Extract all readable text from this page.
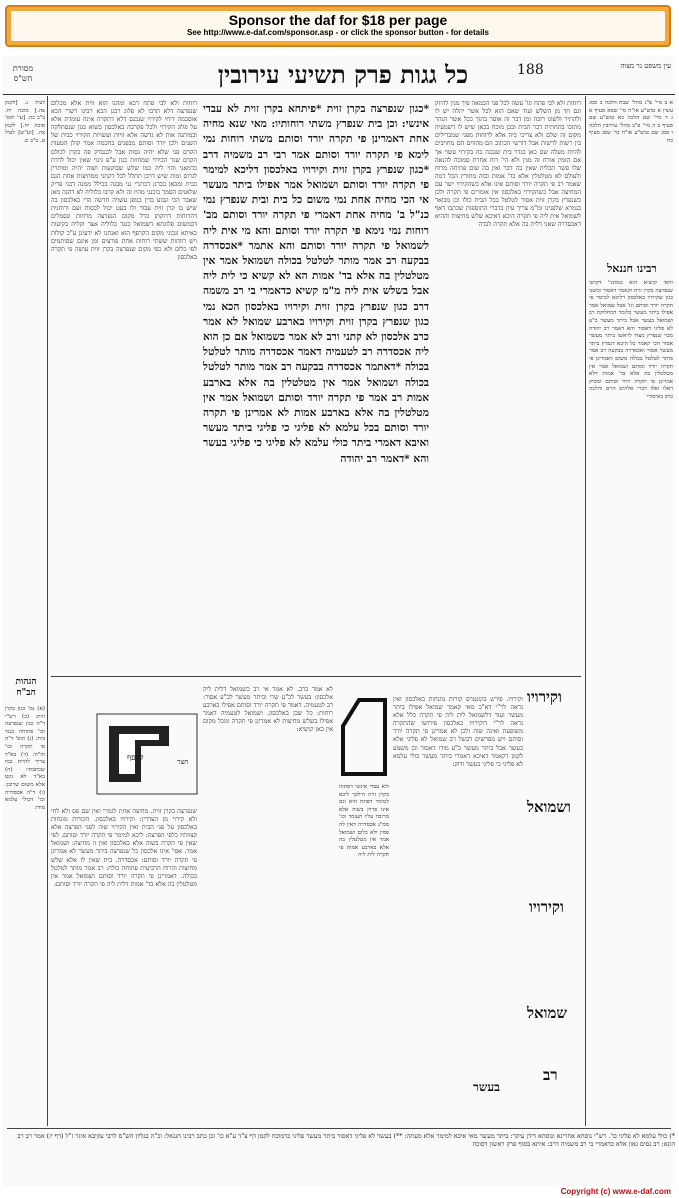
Sponsor the daf for $18 per page
See http://www.e-daf.com/sponsor.asp - or click the sponsor button - for details
מסורת הש"ס	כל גגות פרק תשיעי עירובין	188	עין משפט נר מצוה
לעיל ג. [לקמן צה.] סוכה יח. ב"ב כה. [עי' תוס' סוכה יח.] לקמן צה. [וע"ש] לעיל ט. ב"ב ס.
הגהות הב"ח
(א) גמ' כגון בקרן זוית: (ב) רש"י ד"ה כגון שנפרצה וכו' פתוחה כנגד בית: (ג) תוס' ד"ה פי תקרה וכו' וה"ה: (ד) בא"ד צריך להיות כמו שכתבתי: (ה) בא"ד לא נקט אלא משום שרובן: (ו) ד"ה אכסדרה וכו' דכולי עלמא מודו:
רוחות ולא לבי פתח רבא ומהנו הוא זוית אלא מכלום שנפרצה דלא תרבו לא פלוג רבנן הכא רבינו דשרי הכא אוסכמה דיחי לקירוי שנכנס דלא דתקרה אינה עומדת אלא על פלוג הקירוי ולכל פקרבה באלכסון בשוא כגון שנסתלקה ובמותנה אות לא גדשה אלא זויות ועשויות הקירוי כבית של השנים ולכן יורד וסותם מבפנים בחכמה אמר קולן הטעות הקרם פני שלא יהיה נסות אבל לכנבדק פה בקרן לכולם הקרם שגר הכירוי שמחוזת כגון ע"פ גינוי שאין יכול לרדת כדמאני והוי ליה כמו שלש שבוקעות ושוה יהיה ומותרין לגרום ומות שיש דרבן תתלל לכל דקתני ממחיצות אחת הנם כבית ומכאן בכרנן דכרגרי נני מבנה בכילל ממנה דבני פריק שלאנים הסמך כוכנני מהיז זה ולא קרבו כלוליה לא דהנה מאן שאבר הכי קבוע כדין בנופן עשויה חדשה הרי כאלכסון בה שיש בו קרן זוית עבור ולו בעט יכול לכסות ועם ורוחנית דהרוחות דרוקתן בדל מקום הנפרצה מרחות ונסמלים דבמשום פלוגתא דשמואל כנגד כלוליה אצר וקליה בקיעות כאיתא ונכוני מקום הקרפף הוא ואנחנו לא ידעינן ע"כ קולות ויש רווחות ששתי רוחות אחת פורצים ומן אינם שסותמים לפי כלום ולא כפי מקום שנפרצה בקרן זוית עושה פי תקרה באלכסון
*כגון שנפרצה בקרן זוית *פיתחא בקרן זוית לא עבדי אינשי: וכן בית שנפרץ משתי רוחותיו: מאי שנא מחיה אחת דאמרינן פי תקרה יורד וסותם משתי רוחות נמי לימא פי תקרה יורד וסותם אמר רבי רב משמיה דרב *כגון שנפרץ בקרן זוית וקירויו באלכסון דליכא למימר פי תקרה יורד וסותם ושמואל אמר אפילו ביתר מעשר אי הכי מחיה אחת נמי משום כל בית ובית שנפרץ נמי כנ"ל ב' מחיה אחת דאמרי פי תקרה יורד וסותם מב' רוחות נמי נימא פי תקרה יורד וסותם והא מי אית ליה לשמואל פי תקרה יורד וסותם והא אתמר *אכסדרה בבקעה רב אמר מותר לטלטל בכולה ושמואל אמר אין מטלטלין בה אלא בד' אמות הא לא קשיא כי לית ליה אבל בשלש אית ליה מ"מ קשיא כדאמרי בי רב משמה דרב כגון שנפרץ בקרן זוית וקירויו באלכסון הכא נמי כגון שנפרץ בקרן זוית וקירויו בארבע שמואל לא אמר כרב אלכסון לא קתני ורב לא אמר כשמואל אם כן הוא ליה אכסדרה רב לטעמיה דאמר אכסדרה מותר לטלטל בכולה *דאתמר אכסדרה בבקעה רב אמר מותר לטלטל בכולה ושמואל אמר אין מטלטלין בה אלא בארבע אמות רב אמר פי תקרה יורד וסותם ושמואל אמר אין מטלטלין בה אלא בארבע אמות לא אמרינן פי תקרה יורד וסותם בכל עלמא לא פליגי כי פליגי ביתר מעשר ואיבא דאמרי ביתר כולי עלמא לא פליגי כי פליגי בעשר והא *דאמר רב יהודה
רוחות ולא לבי פתח וגו' עשה לכל פני הכמאה פיך מגין להיזק וגם חד מן השלש ועוד שאם הוא לכל אשר יתלה יש לו ולהתיר ולשונו רובה ומן דבר זה אוסר בתוך ככל אשר הנהר מתוכו בתחתית דבר הבית ובכן מוכח בכאן שיש לו דשמעיה מקום זה שלם ולא צריכי ביה אלא לרוחות מפני שמבדילים בין רשות לרשות אבל דורשי הכתוב הם מהווים הם מחויבים להיות מעלה שם כאן בגדר בית שנבנה בה בקירוי עשוי אך אם הזמין אורח זה מגין ולא הי' רוח אחרת סמוכה להנאה שלו פשר תכלית שאין בה דבר ואין בה שום פתיחה מרוח ולעולם לא מטלטלין אלא בד' אמות ובזה מתורץ הכל דמה שאמר רב פי תקרה יורד וסותם אינו אלא כשהקירוי ישר עם המחיצה אבל כשהקירוי באלכסון אין אומרים פי תקרה ולכן כשנפרץ בקרן זוית אסור לטלטל בכל הבית כולו וכן מבואר בגמרא שלפנינו ומ"מ צריך עיון בדברי התוספות שכתבו דאף לשמואל אית ליה פי תקרה היכא דאיכא שלש מחיצות וההיא דאכסדרה שאני דלית בה אלא תקרה לבדה
א ב מיי' פ"ג מהל' שבת הלכה כ סמג עשין א טוש"ע או"ח סי' שסא סעיף א ג ד מיי' שם הלכה כא טוש"ע שם סעיף ב ה מיי' פ"ב מהל' עירובין הלכה ו סמג שם טוש"ע או"ח סי' שסג סעיף כח
רבינו חננאל
והאי קושיא הוא ממתני' דקתני שנפרצה בקרן זוית וקאמר דאסור ומשני כגון שקירויו באלכסון דליכא למימר פי תקרה יורד וסותם וגו' אבל שמואל אמר אפילו ביתר מעשר כלומר דמחלוקת רב ושמואל בעשר אבל ביתר מעשר כ"ע לא פליגי דאסור והא דאמר רב יהודה מבוי שנפרץ מצדו לראשו ביתר מעשר אסור הכי קאמר כל היכא דנפרץ ביתר מעשר אסור ואכסדרה בבקעה רב אמר מותר לטלטל בכולה משום דאמרינן פי תקרה יורד וסותם ושמואל אמר אין מטלטלין בה אלא בד' אמות דלא אמרינן פי תקרה יורד וסותם ומסיק דאלו ואלו דברי אלהים חיים והלכה כרב באיסורי
קרפף	חצר
שנפרצה בקרן זוית. מחיצה אחת לגמרי ואין שם פס ולא לחי ולא קירוי מן הצדדין: וקירויו באלכסון. הקורות מונחות באלכסון על פני הבית ואין הקירוי שוה לפני הפרצה אלא קצוותיו כלפי הפרצה: ליכא למימר פי תקרה יורד וסותם. לפי שאין פי תקרה בשוה אלא באלכסון ואין זו מחיצה: ושמואל אמר. אפי' אינו אלכסון כל שנפרצה ביתר מעשר לא אמרינן פי תקרה יורד וסותם: אכסדרה. בית שאין לו אלא שלש מחיצות והרוח הרביעית פתוחה כולה: רב אמר מותר לטלטל בכולה. דאמרינן פי תקרה יורד וסותם ושמואל אמר אין מטלטלין בה אלא בד' אמות דלית ליה פי תקרה יורד וסותם:
לא אמר כרב. לא אמר אי רב כשמואל דלית ליה אלכסון: בעשר לכ"ע שרי וביתר מעשר לכ"ע אסור: רב לטעמיה. דאמר פי תקרה יורד וסותם אפילו בארבע רוחות: כל שכן באלכסון. ושמואל לטעמיה דאמר אפילו בשלש מחיצות לא אמרינן פי תקרה ומכל מקום אין כאן קושיא:
וקירויו
ושמואל
וקירויו
שמואל
רב
בעשר
וקירויו. פירש בקונטרס קורות מונחות באלכסון ואין נראה לר"י דא"כ מאי קאמר שמואל אפילו ביתר מעשר ועוד דלשמואל לית ליה פי תקרה כלל אלא נראה לר"י דוקירויו באלכסון פירושו שהתקרה משופעת ואינה שוה ולכן לא אמרינן פי תקרה יורד וסותם ויש מפרשים דבשל רב שמואל לא פליגי אלא בעשר אבל ביתר מעשר כ"ע מודו דאסור וכן משמע לקמן דקאמר דאיכא דאמרי ביתר מעשר כולי עלמא לא פליגי כי פליגי בעשר ודוק:
ולא עבדי אינשי דפתחו בקרן זוית הילכך ליכא למימר דפתח הוא וגם אינו פרוץ בשוה אלא מרובה עליו העומד וכו' ממ"נ אכסדרה דאין לה פסין ולא כלום ושמואל אמר אין מטלטלין בה אלא בארבע אמות פי תקרה לית ליה
*) כולי עלמא לא פליגי כו'. רש"י נוסחא אחרינא ונוסחא דידן עיקר: ביתר מעשר מאי איכא למימר אלא מעתה: **) בעשר לא פליגי דאסור ביתר מעשר פליגי כדמוכח לקמן דף צ"ד ע"א כו' וכן כתב רבינו חננאל: וכ"ה בגליון הש"ס לרבי עקיבא איגר ז"ל (דף יז) אמר רב רב הונא: רב נסים גאון אלא כדאמרי בי רב משמיה דרב: איתא בסוף פרק ראשון דסוכה
Copyright (c) www.e-daf.com
